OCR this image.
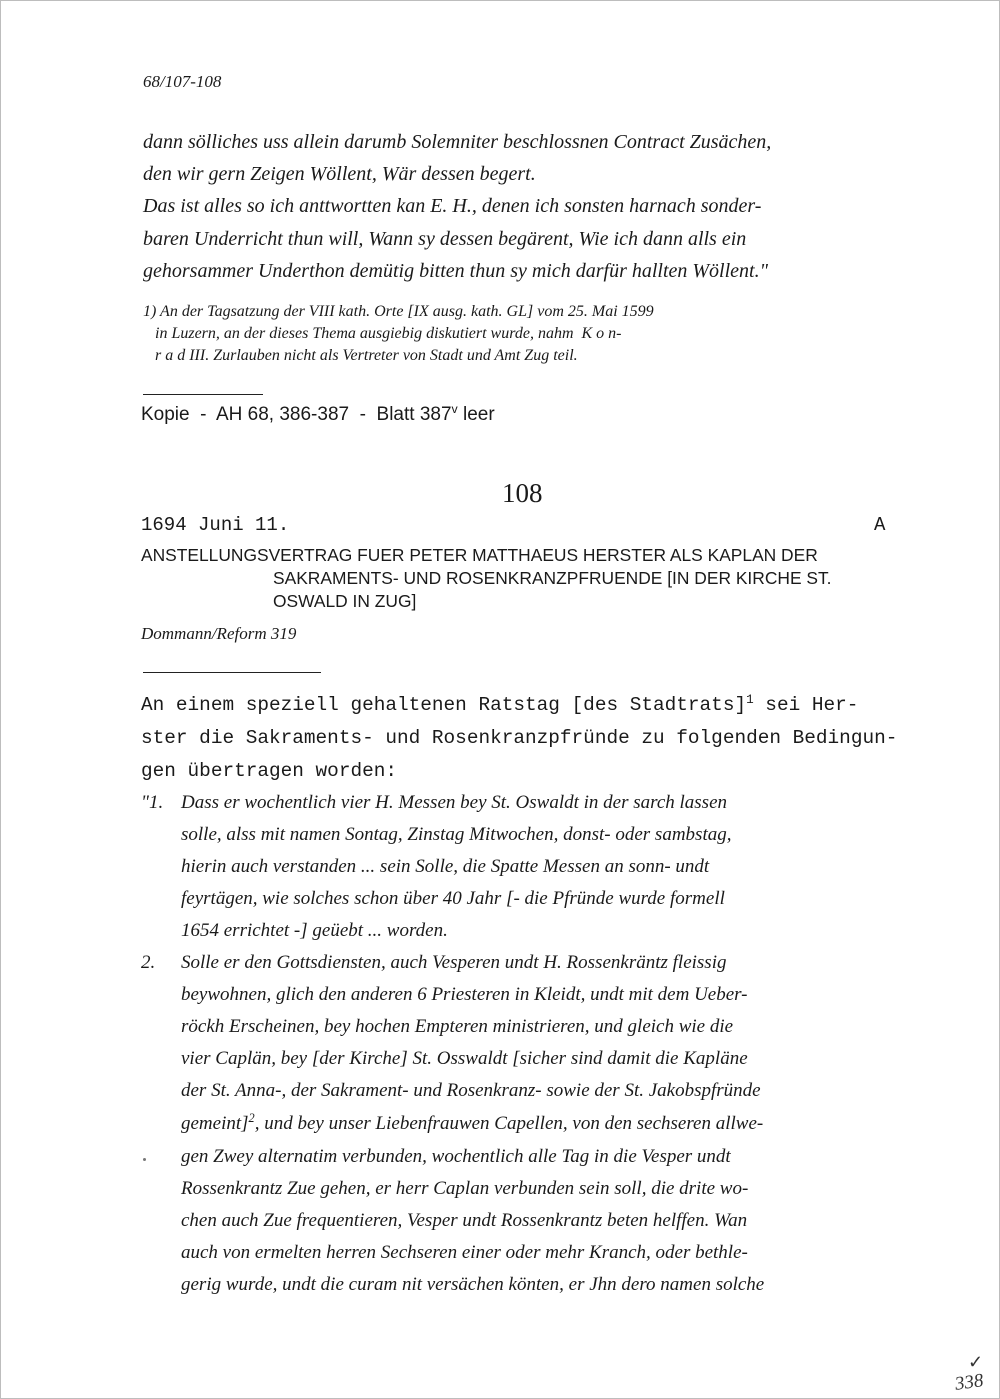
68/107-108
dann sölliches uss allein darumb Solemniter beschlossnen Contract Zusächen,
den wir gern Zeigen Wöllent, Wär dessen begert.
Das ist alles so ich anttwortten kan E. H., denen ich sonsten harnach sonder-
baren Underricht thun will, Wann sy dessen begärent, Wie ich dann alls ein
gehorsammer Underthon demütig bitten thun sy mich darfür hallten Wöllent."
1) An der Tagsatzung der VIII kath. Orte [IX ausg. kath. GL] vom 25. Mai 1599
in Luzern, an der dieses Thema ausgiebig diskutiert wurde, nahm  K o n-
r a d III. Zurlauben nicht als Vertreter von Stadt und Amt Zug teil.
Kopie  -  AH 68, 386-387  -  Blatt 387$^v$ leer
108
1694 Juni 11.	A
ANSTELLUNGSVERTRAG FUER PETER MATTHAEUS HERSTER ALS KAPLAN DER
SAKRAMENTS- UND ROSENKRANZPFRUENDE [IN DER KIRCHE ST.
OSWALD IN ZUG]
Dommann/Reform 319
An einem speziell gehaltenen Ratstag [des Stadtrats]$^1$ sei Her-
ster die Sakraments- und Rosenkranzpfründe zu folgenden Bedingun-
gen übertragen worden:
"1. Dass er wochentlich vier H. Messen bey St. Oswaldt in der sarch lassen
solle, alss mit namen Sontag, Zinstag Mitwochen, donst- oder sambstag,
hierin auch verstanden ... sein Solle, die Spatte Messen an sonn- undt
feyrtägen, wie solches schon über 40 Jahr [- die Pfründe wurde formell
1654 errichtet -] geüebt ... worden.
2. Solle er den Gottsdiensten, auch Vesperen undt H. Rossenkräntz fleissig
beywohnen, glich den anderen 6 Priesteren in Kleidt, undt mit dem Ueber-
röckh Erscheinen, bey hochen Empteren ministrieren, und gleich wie die
vier Caplän, bey [der Kirche] St. Osswaldt [sicher sind damit die Kapläne
der St. Anna-, der Sakrament- und Rosenkranz- sowie der St. Jakobspfründe
gemeint]$^2$, und bey unser Liebenfrauwen Capellen, von den sechseren allwe-
gen Zwey alternatim verbunden, wochentlich alle Tag in die Vesper undt
Rossenkrantz Zue gehen, er herr Caplan verbunden sein soll, die drite wo-
chen auch Zue frequentieren, Vesper undt Rossenkrantz beten helffen. Wan
auch von ermelten herren Sechseren einer oder mehr Kranch, oder bethle-
gerig wurde, undt die curam nit versächen könten, er Jhn dero namen solche
✓
338
